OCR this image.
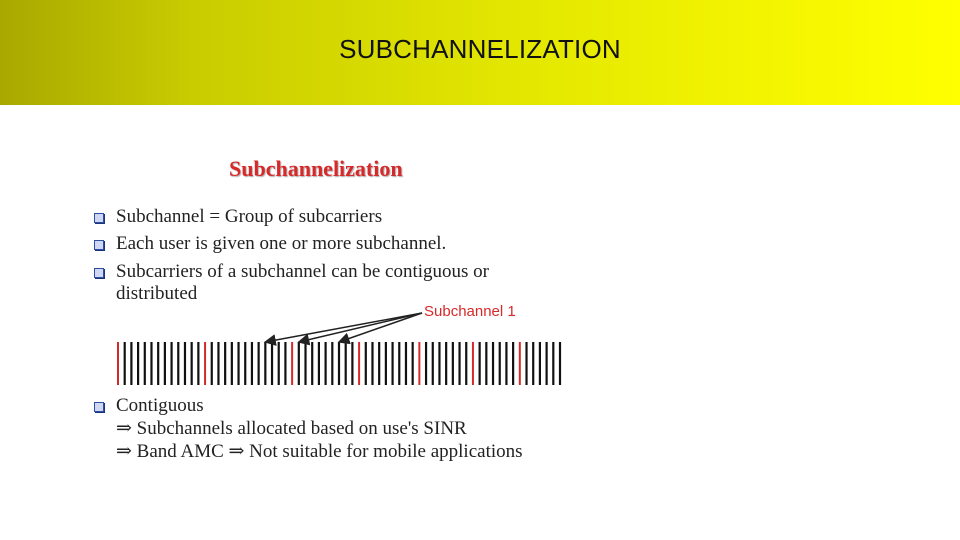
SUBCHANNELIZATION
Subchannelization
Subchannel = Group of subcarriers
Each user is given one or more subchannel.
Subcarriers of a subchannel can be contiguous or
distributed
Subchannel 1
Contiguous
⇒ Subchannels allocated based on use's SINR
⇒ Band AMC ⇒ Not suitable for mobile applications
